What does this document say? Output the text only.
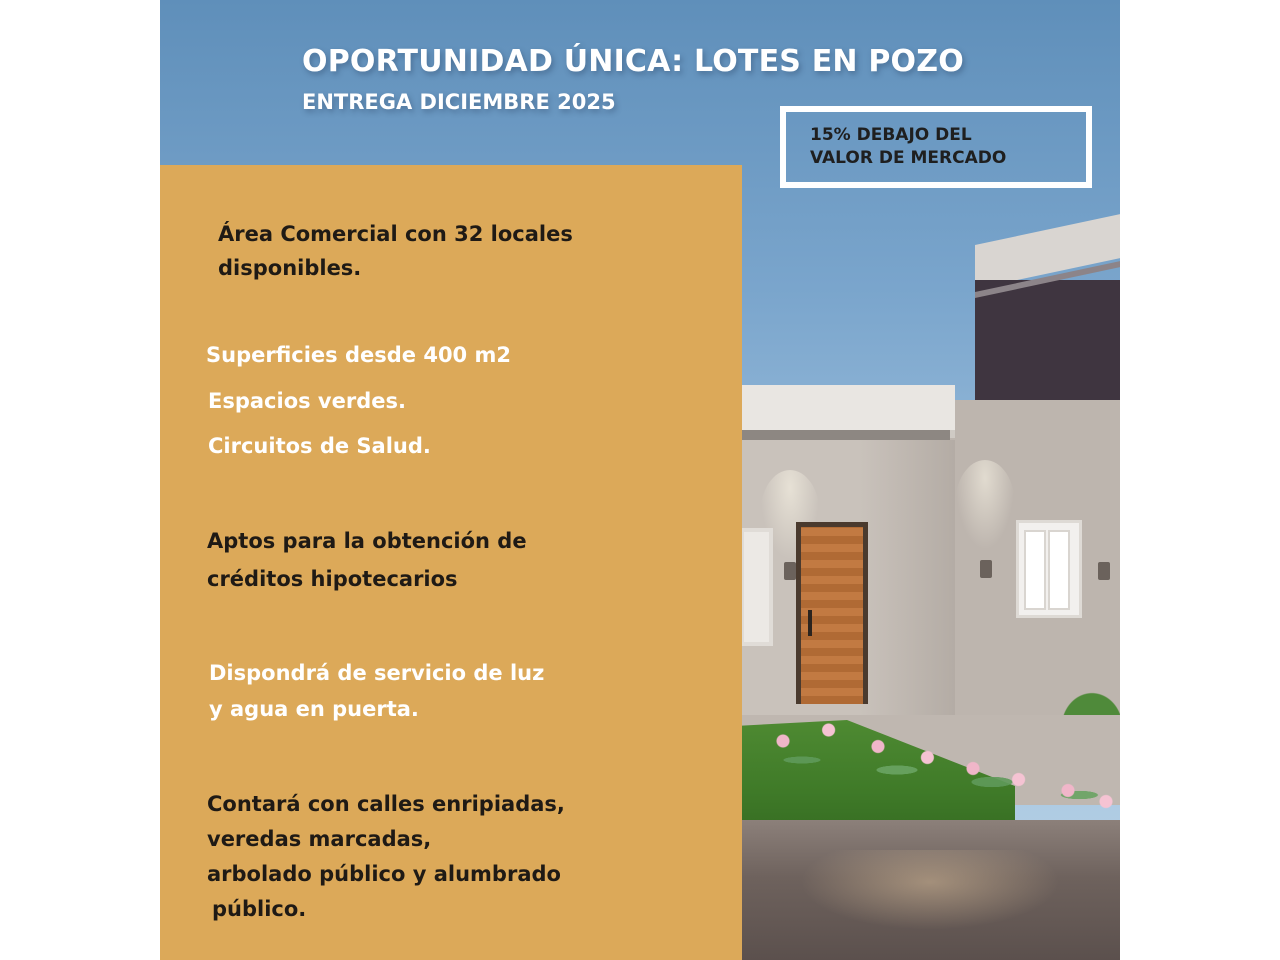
OPORTUNIDAD ÚNICA: LOTES EN POZO
ENTREGA DICIEMBRE 2025
15% DEBAJO DEL
VALOR DE MERCADO

Área Comercial con 32 locales
disponibles.

Superficies desde 400 m2

Espacios verdes.

Circuitos de Salud.

Aptos para la obtención de
créditos hipotecarios

Dispondrá de servicio de luz
y agua en puerta.

Contará con calles enripiadas,
veredas marcadas,
arbolado público y alumbrado
público.
